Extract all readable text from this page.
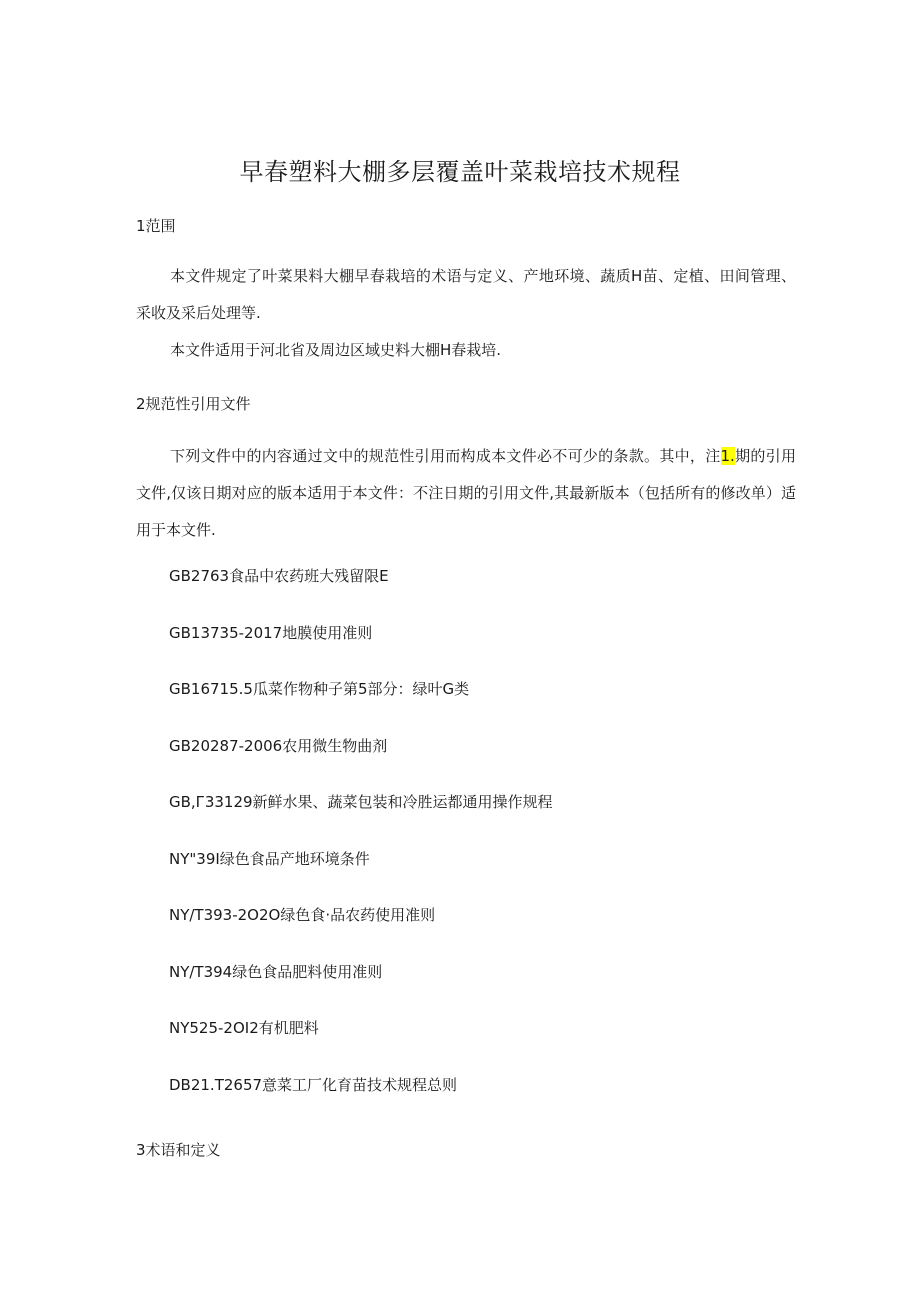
早春塑料大棚多层覆盖叶菜栽培技术规程
1范围
本文件规定了叶菜果料大棚早春栽培的术语与定义、产地环境、蔬质H苗、定植、田间管理、采收及采后处理等.
本文件适用于河北省及周边区域史料大棚H春栽培.
2规范性引用文件
下列文件中的内容通过文中的规范性引用而构成本文件必不可少的条款。其中，注1.期的引用文件,仅该日期对应的版本适用于本文件：不注日期的引用文件,其最新版本（包括所有的修改单）适用于本文件.
GB2763食品中农药班大残留限E
GB13735-2017地膜使用准则
GB16715.5瓜菜作物种子第5部分：绿叶G类
GB20287-2006农用微生物曲剂
GB,Г33129新鲜水果、蔬菜包装和冷胜运都通用操作规程
NY"39I绿色食品产地环境条件
NY/T393-2O2O绿色食·品农药使用准则
NY/T394绿色食品肥料使用准则
NY525-2OI2有机肥料
DB21.T2657意菜工厂化育苗技术规程总则
3术语和定义
